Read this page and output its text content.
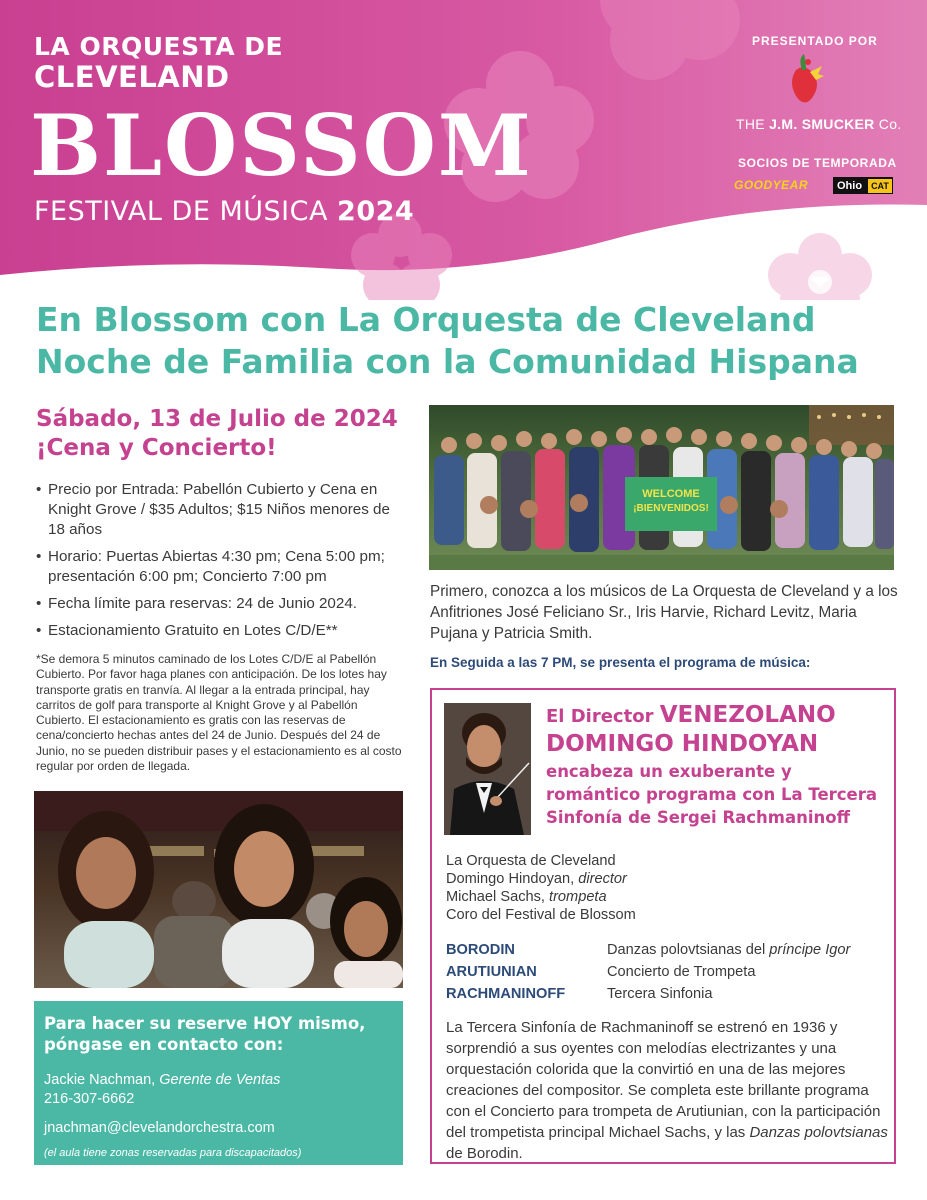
LA ORQUESTA DE
CLEVELAND
BLOSSOM
FESTIVAL DE MÚSICA 2024
PRESENTADO POR
THE J.M. SMUCKER Co.
SOCIOS DE TEMPORADA
GOODYEAR	Ohio	CAT
En Blossom con La Orquesta de Cleveland
Noche de Familia con la Comunidad Hispana
Sábado, 13 de Julio de 2024
¡Cena y Concierto!
• Precio por Entrada: Pabellón Cubierto y Cena en Knight Grove / $35 Adultos; $15 Niños menores de 18 años
• Horario: Puertas Abiertas 4:30 pm; Cena 5:00 pm; presentación 6:00 pm; Concierto 7:00 pm
• Fecha límite para reservas: 24 de Junio 2024.
• Estacionamiento Gratuito en Lotes C/D/E**
*Se demora 5 minutos caminado de los Lotes C/D/E al Pabellón Cubierto. Por favor haga planes con anticipación. De los lotes hay transporte gratis en tranvía. Al llegar a la entrada principal, hay carritos de golf para transporte al Knight Grove y al Pabellón Cubierto. El estacionamiento es gratis con las reservas de cena/concierto hechas antes del 24 de Junio. Después del 24 de Junio, no se pueden distribuir pases y el estacionamiento es al costo regular por orden de llegada.
Para hacer su reserve HOY mismo, póngase en contacto con:
Jackie Nachman, Gerente de Ventas
216-307-6662
jnachman@clevelandorchestra.com
(el aula tiene zonas reservadas para discapacitados)
WELCOME
¡BIENVENIDOS!
Primero, conozca a los músicos de La Orquesta de Cleveland y a los Anfitriones José Feliciano Sr., Iris Harvie, Richard Levitz, Maria Pujana y Patricia Smith.
En Seguida a las 7 PM, se presenta el programa de música:
El Director VENEZOLANO
DOMINGO HINDOYAN
encabeza un exuberante y romántico programa con La Tercera Sinfonía de Sergei Rachmaninoff
La Orquesta de Cleveland
Domingo Hindoyan, director
Michael Sachs, trompeta
Coro del Festival de Blossom
BORODIN	Danzas polovtsianas del príncipe Igor
ARUTIUNIAN	Concierto de Trompeta
RACHMANINOFF	Tercera Sinfonia
La Tercera Sinfonía de Rachmaninoff se estrenó en 1936 y sorprendió a sus oyentes con melodías electrizantes y una orquestación colorida que la convirtió en una de las mejores creaciones del compositor. Se completa este brillante programa con el Concierto para trompeta de Arutiunian, con la participación del trompetista principal Michael Sachs, y las Danzas polovtsianas de Borodin.
